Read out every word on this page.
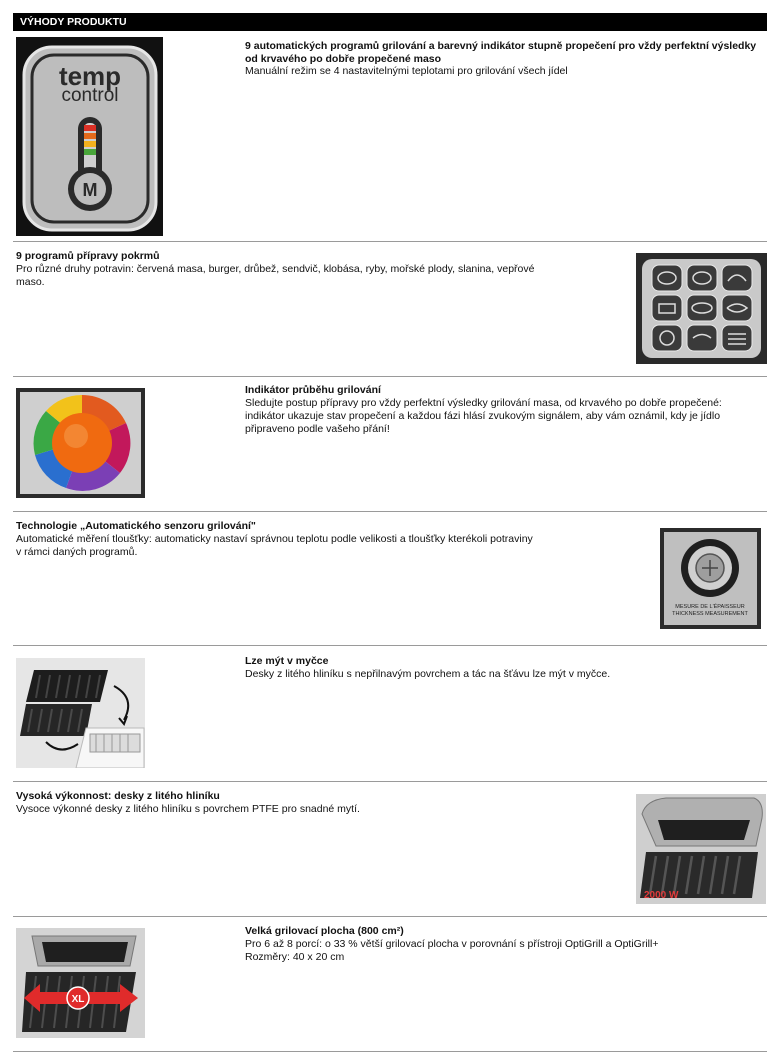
VÝHODY PRODUKTU
temp
control
M

9 automatických programů grilování a barevný indikátor stupně propečení pro vždy perfektní výsledky od krvavého po dobře propečené maso

Manuální režim se 4 nastavitelnými teplotami pro grilování všech jídel

9 programů přípravy pokrmů

Pro různé druhy potravin: červená masa, burger, drůbež, sendvič, klobása, ryby, mořské plody, slanina, vepřové maso.

Indikátor průběhu grilování

Sledujte postup přípravy pro vždy perfektní výsledky grilování masa, od krvavého po dobře propečené: indikátor ukazuje stav propečení a každou fázi hlásí zvukovým signálem, aby vám oznámil, kdy je jídlo připraveno podle vašeho přání!

Technologie „Automatického senzoru grilování"

Automatické měření tloušťky: automaticky nastaví správnou teplotu podle velikosti a tloušťky kterékoli potraviny v rámci daných programů.

MESURE DE L'ÉPAISSEUR
THICKNESS MEASUREMENT

Lze mýt v myčce

Desky z litého hliníku s nepřilnavým povrchem a tác na šťávu lze mýt v myčce.

Vysoká výkonnost: desky z litého hliníku

Vysoce výkonné desky z litého hliníku s povrchem PTFE pro snadné mytí.

2000 W
XL

Velká grilovací plocha (800 cm²)

Pro 6 až 8 porcí: o 33 % větší grilovací plocha v porovnání s přístroji OptiGrill a OptiGrill+

Rozměry: 40 x 20 cm
